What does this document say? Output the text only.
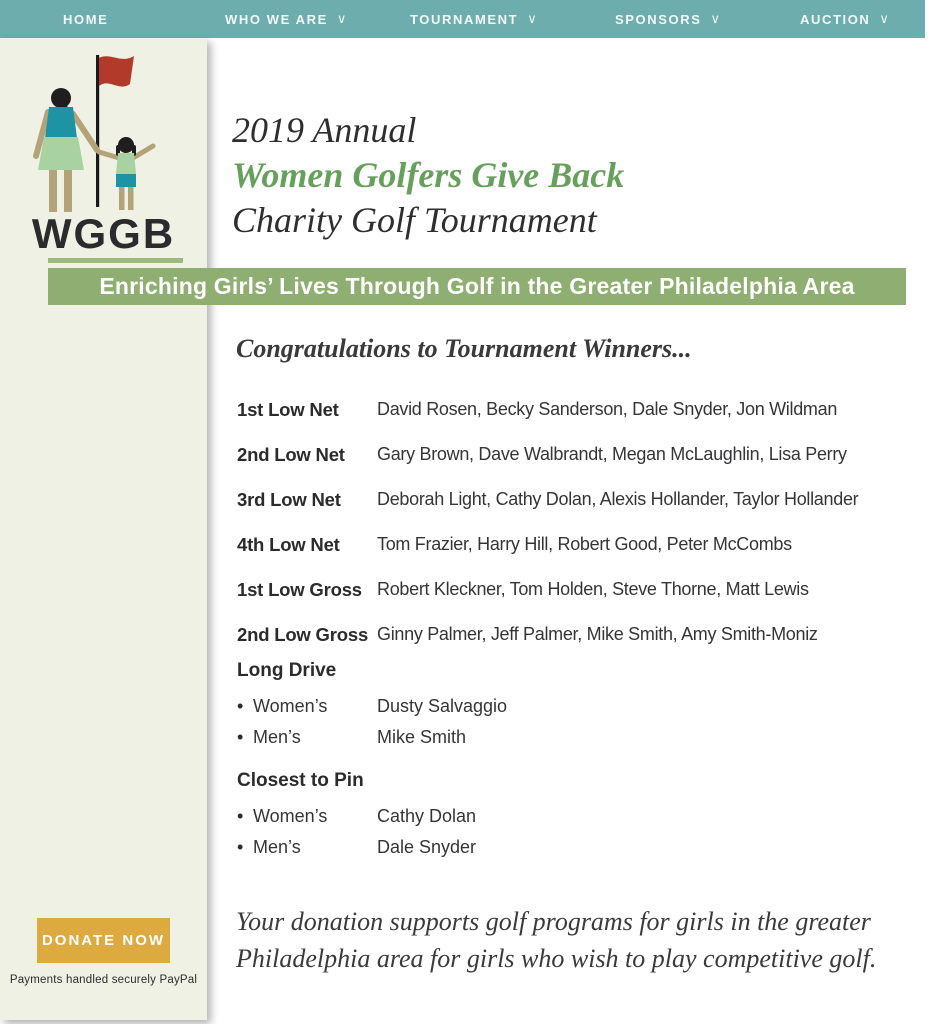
HOME	WHO WE ARE ∨	TOURNAMENT ∨	SPONSORS ∨	AUCTION ∨
WGGB
DONATE NOW
Payments handled securely PayPal
2019 Annual
Women Golfers Give Back
Charity Golf Tournament
Enriching Girls’ Lives Through Golf in the Greater Philadelphia Area
Congratulations to Tournament Winners...
1st Low Net	David Rosen, Becky Sanderson, Dale Snyder, Jon Wildman
2nd Low Net	Gary Brown, Dave Walbrandt, Megan McLaughlin, Lisa Perry
3rd Low Net	Deborah Light, Cathy Dolan, Alexis Hollander, Taylor Hollander
4th Low Net	Tom Frazier, Harry Hill, Robert Good, Peter McCombs
1st Low Gross Robert Kleckner, Tom Holden, Steve Thorne, Matt Lewis
2nd Low Gross Ginny Palmer, Jeff Palmer, Mike Smith, Amy Smith-Moniz
Long Drive
• Women’s	Dusty Salvaggio
• Men’s	Mike Smith
Closest to Pin
• Women’s	Cathy Dolan
• Men’s	Dale Snyder

Your donation supports golf programs for girls in the greater Philadelphia area for girls who wish to play competitive golf.
